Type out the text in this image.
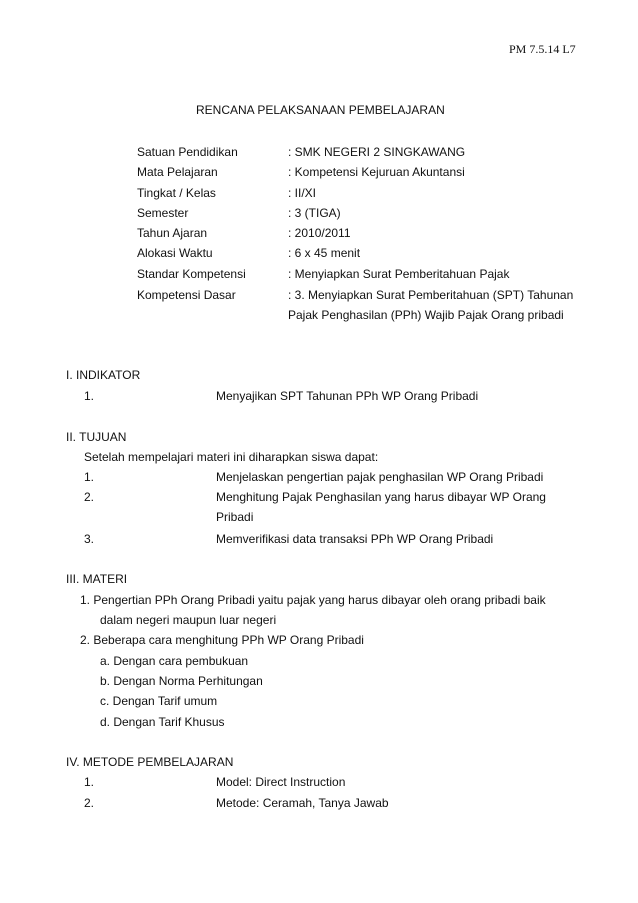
PM 7.5.14 L7
RENCANA PELAKSANAAN PEMBELAJARAN
Satuan Pendidikan	: SMK NEGERI 2 SINGKAWANG
Mata Pelajaran	: Kompetensi Kejuruan Akuntansi
Tingkat / Kelas	: II/XI
Semester	: 3 (TIGA)
Tahun Ajaran	: 2010/2011
Alokasi Waktu	: 6 x 45 menit
Standar Kompetensi	: Menyiapkan Surat Pemberitahuan Pajak
Kompetensi Dasar	: 3. Menyiapkan Surat Pemberitahuan (SPT) Tahunan
Pajak Penghasilan (PPh) Wajib Pajak Orang pribadi
I. INDIKATOR
1.	Menyajikan SPT Tahunan PPh WP Orang Pribadi
II. TUJUAN
Setelah mempelajari materi ini diharapkan siswa dapat:
1.	Menjelaskan pengertian pajak penghasilan WP Orang Pribadi
2.	Menghitung Pajak Penghasilan yang harus dibayar WP Orang
Pribadi
3.	Memverifikasi data transaksi PPh WP Orang Pribadi
III. MATERI
1. Pengertian PPh Orang Pribadi yaitu pajak yang harus dibayar oleh orang pribadi baik
dalam negeri maupun luar negeri
2. Beberapa cara menghitung PPh WP Orang Pribadi
a. Dengan cara pembukuan
b. Dengan Norma Perhitungan
c. Dengan Tarif umum
d. Dengan Tarif Khusus
IV. METODE PEMBELAJARAN
1.	Model: Direct Instruction
2.	Metode: Ceramah, Tanya Jawab
